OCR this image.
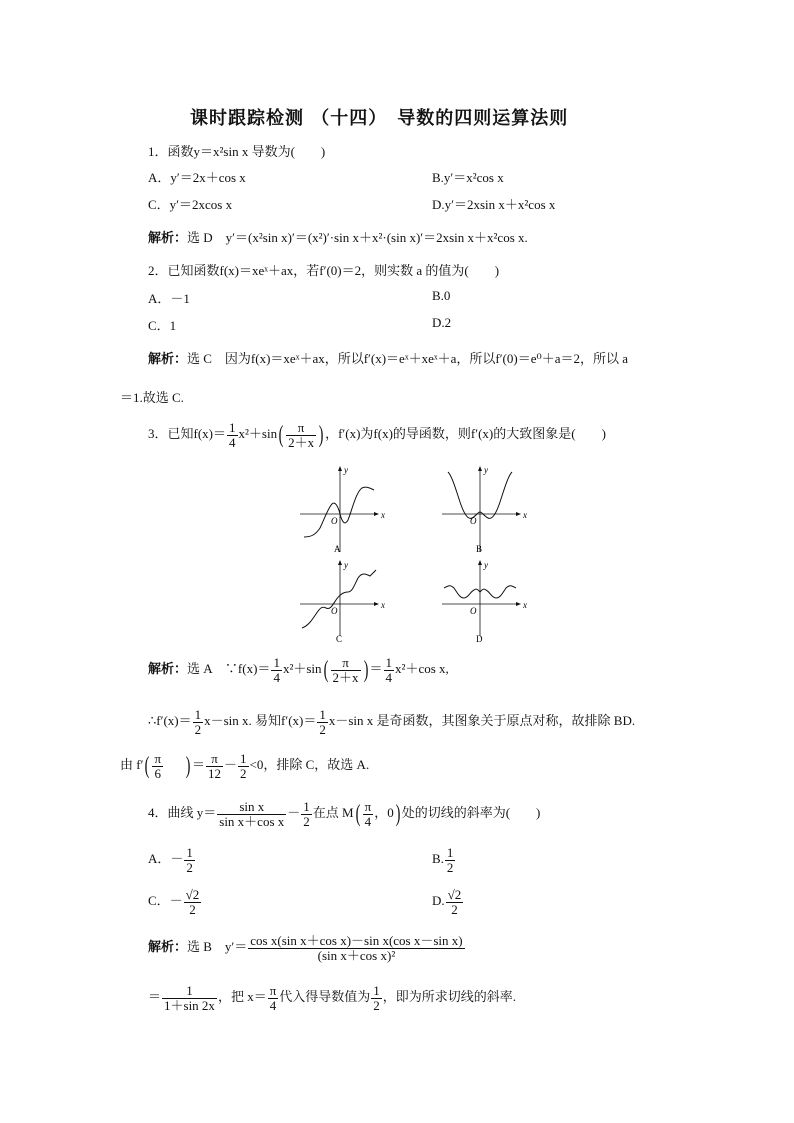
课时跟踪检测 （十四）　导数的四则运算法则
1．函数y＝x²sin x 导数为(　　)
A．y′＝2x＋cos x	B.y′＝x²cos x
C．y′＝2xcos x	D.y′＝2xsin x＋x²cos x
解析：选 D　y′＝(x²sin x)′＝(x²)′·sin x＋x²·(sin x)′＝2xsin x＋x²cos x.
2．已知函数f(x)＝xeˣ＋ax，若f′(0)＝2，则实数 a 的值为(　　)
A．－1	B.0
C．1	D.2
解析：选 C　因为f(x)＝xeˣ＋ax，所以f′(x)＝eˣ＋xeˣ＋a，所以f′(0)＝e⁰＋a＝2，所以 a
＝1.故选 C.
3．已知$f(x)= \frac{1}{4} x^2+\sin( \frac{\pi}{2+x}$ ) ，f′(x)为f(x)的导函数，则f′(x)的大致图象是(　　)
x
y
O
A
x
y
O
B
x
y
O
C
x
y
O
D
解析：选 A　∵f(x)＝ $\frac{1}{4} x^2+\sin( \frac{\pi}{2+x}$ ) ＝ $\frac{1}{4} x^2+\cos$ x,
∴f′(x)＝ $\frac{1}{2} x-\sin$ x. 易知$f'(x)= \frac{1}{2} x-\sin$ x 是奇函数，其图象关于原点对称，故排除 BD.
由 $f'( \frac{\pi}{6}$ ) ＝ $\frac{\pi}{12} - \frac{1}{2} <0$，排除 C，故选 A.
4．曲线 $y= \frac{\text{sin x}}{\text{sin x＋cos x}} - \frac{1}{2}$ 在点 $M( \frac{\pi}{4}$ ，0) 处的切线的斜率为(　　)
A．－ $\frac{1}{2}$	B. $\frac{1}{2}$
C．－ $\frac{√2}{2}$	D. $\frac{√2}{2}$
解析：选 B　$y'= \frac{\text{cos x(sin x＋cos x)－sin x(cos x－sin x)}}{\text{(sin x＋cos x)²}}$
＝ $\frac{1}{1+\sin 2x}$ ，把 $x= \frac{\pi}{4}$ 代入得导数值为 $\frac{1}{2}$ ，即为所求切线的斜率.
